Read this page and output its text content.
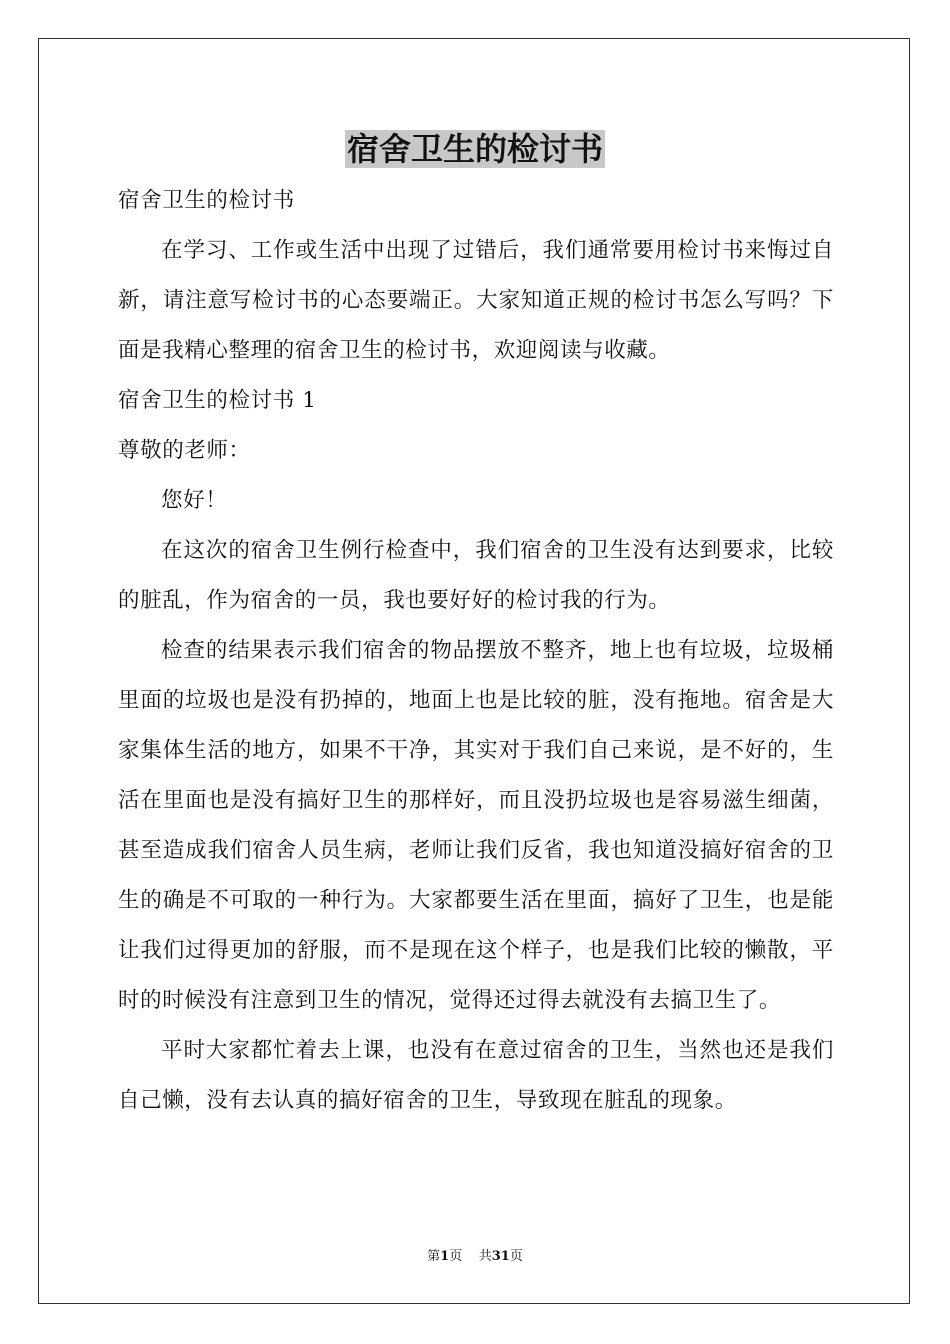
宿舍卫生的检讨书

宿舍卫生的检讨书

在学习、工作或生活中出现了过错后，我们通常要用检讨书来悔过自新，请注意写检讨书的心态要端正。大家知道正规的检讨书怎么写吗？下面是我精心整理的宿舍卫生的检讨书，欢迎阅读与收藏。

宿舍卫生的检讨书 1

尊敬的老师：

您好！

在这次的宿舍卫生例行检查中，我们宿舍的卫生没有达到要求，比较的脏乱，作为宿舍的一员，我也要好好的检讨我的行为。

检查的结果表示我们宿舍的物品摆放不整齐，地上也有垃圾，垃圾桶里面的垃圾也是没有扔掉的，地面上也是比较的脏，没有拖地。宿舍是大家集体生活的地方，如果不干净，其实对于我们自己来说，是不好的，生活在里面也是没有搞好卫生的那样好，而且没扔垃圾也是容易滋生细菌，甚至造成我们宿舍人员生病，老师让我们反省，我也知道没搞好宿舍的卫生的确是不可取的一种行为。大家都要生活在里面，搞好了卫生，也是能让我们过得更加的舒服，而不是现在这个样子，也是我们比较的懒散，平时的时候没有注意到卫生的情况，觉得还过得去就没有去搞卫生了。

平时大家都忙着去上课，也没有在意过宿舍的卫生，当然也还是我们自己懒，没有去认真的搞好宿舍的卫生，导致现在脏乱的现象。

第1页 共31页
